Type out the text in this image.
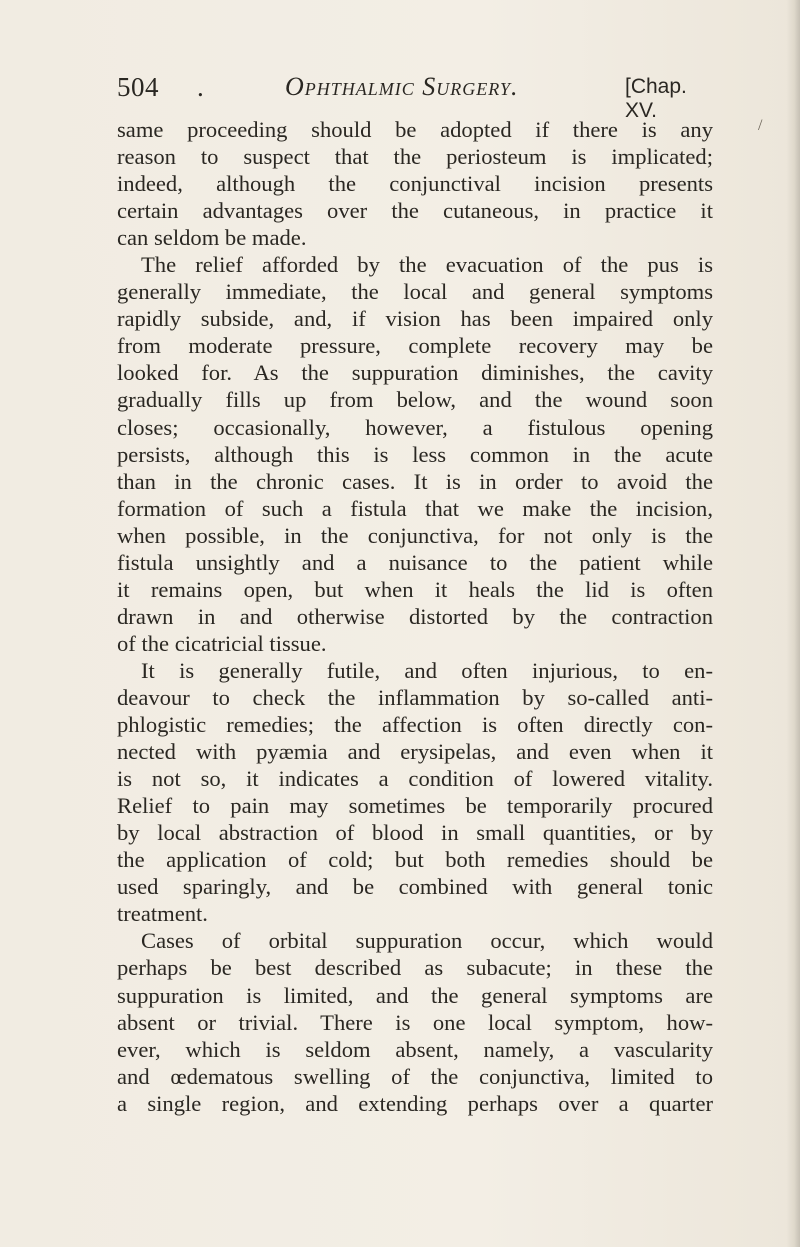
504 .	Ophthalmic Surgery.	[Chap. XV.
/
same proceeding should be adopted if there is any
reason to suspect that the periosteum is implicated;
indeed, although the conjunctival incision presents
certain advantages over the cutaneous, in practice it
can seldom be made.
The relief afforded by the evacuation of the pus is
generally immediate, the local and general symptoms
rapidly subside, and, if vision has been impaired only
from moderate pressure, complete recovery may be
looked for. As the suppuration diminishes, the cavity
gradually fills up from below, and the wound soon
closes; occasionally, however, a fistulous opening
persists, although this is less common in the acute
than in the chronic cases. It is in order to avoid the
formation of such a fistula that we make the incision,
when possible, in the conjunctiva, for not only is the
fistula unsightly and a nuisance to the patient while
it remains open, but when it heals the lid is often
drawn in and otherwise distorted by the contraction
of the cicatricial tissue.
It is generally futile, and often injurious, to en-
deavour to check the inflammation by so-called anti-
phlogistic remedies; the affection is often directly con-
nected with pyæmia and erysipelas, and even when it
is not so, it indicates a condition of lowered vitality.
Relief to pain may sometimes be temporarily procured
by local abstraction of blood in small quantities, or by
the application of cold; but both remedies should be
used sparingly, and be combined with general tonic
treatment.
Cases of orbital suppuration occur, which would
perhaps be best described as subacute; in these the
suppuration is limited, and the general symptoms are
absent or trivial. There is one local symptom, how-
ever, which is seldom absent, namely, a vascularity
and œdematous swelling of the conjunctiva, limited to
a single region, and extending perhaps over a quarter
